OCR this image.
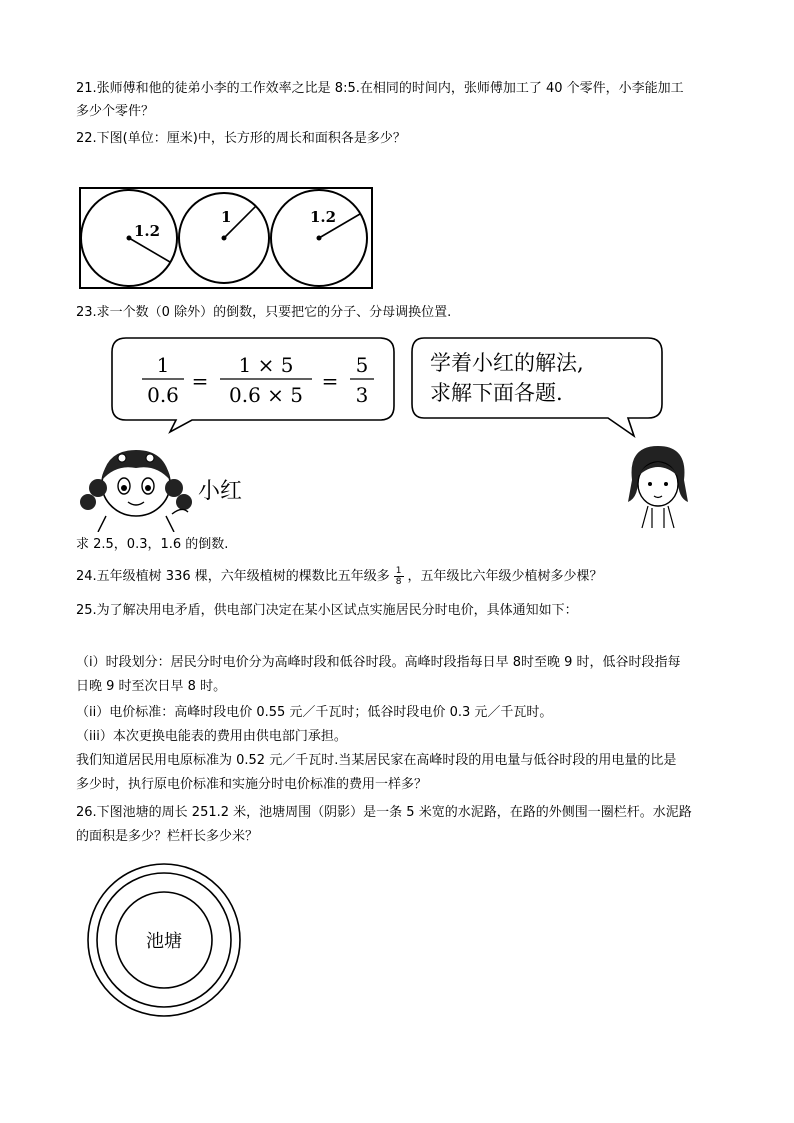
21.张师傅和他的徒弟小李的工作效率之比是 8:5.在相同的时间内，张师傅加工了 40 个零件，小李能加工

多少个零件？

22.下图(单位：厘米)中，长方形的周长和面积各是多少？

1.2
1	1.2

23.求一个数（0 除外）的倒数，只要把它的分子、分母调换位置.

1
0.6
=
1 × 5
0.6 × 5
=
5
3
学着小红的解法,
求解下面各题.
小红

求 2.5，0.3，1.6 的倒数.

24.五年级植树 336 棵，六年级植树的棵数比五年级多 $\frac{1}{8}$ ，五年级比六年级少植树多少棵？

25.为了解决用电矛盾，供电部门决定在某小区试点实施居民分时电价，具体通知如下：

（i）时段划分：居民分时电价分为高峰时段和低谷时段。高峰时段指每日早 8时至晚 9 时，低谷时段指每

日晚 9 时至次日早 8 时。

（ii）电价标准：高峰时段电价 0.55 元／千瓦时；低谷时段电价 0.3 元／千瓦时。

（iii）本次更换电能表的费用由供电部门承担。

我们知道居民用电原标准为 0.52 元／千瓦时.当某居民家在高峰时段的用电量与低谷时段的用电量的比是

多少时，执行原电价标准和实施分时电价标准的费用一样多？

26.下图池塘的周长 251.2 米，池塘周围（阴影）是一条 5 米宽的水泥路，在路的外侧围一圈栏杆。水泥路

的面积是多少？栏杆长多少米？

池塘
